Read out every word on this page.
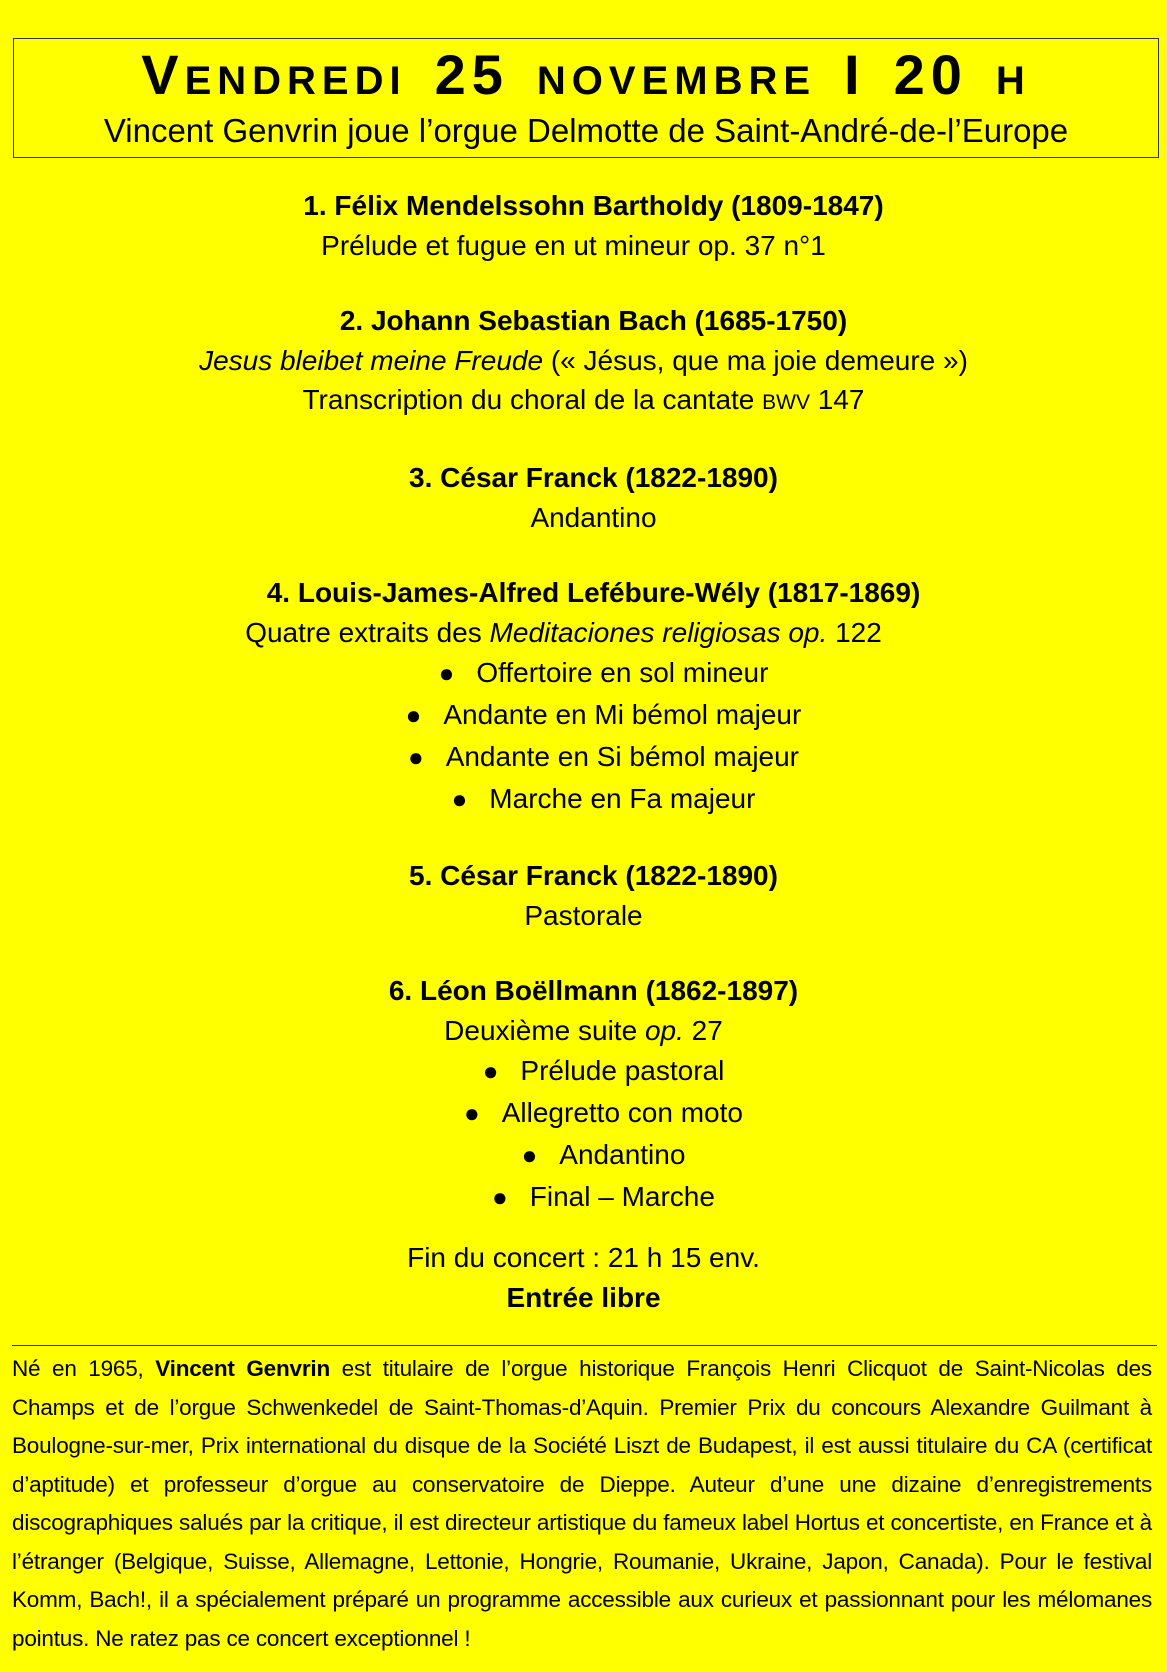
VENDREDI 25 NOVEMBRE I 20 H
Vincent Genvrin joue l’orgue Delmotte de Saint-André-de-l’Europe
1. Félix Mendelssohn Bartholdy (1809-1847)
Prélude et fugue en ut mineur op. 37 n°1
2. Johann Sebastian Bach (1685-1750)
Jesus bleibet meine Freude (« Jésus, que ma joie demeure »)
Transcription du choral de la cantate BWV 147
3. César Franck (1822-1890)
Andantino
4. Louis-James-Alfred Lefébure-Wély (1817-1869)
Quatre extraits des Meditaciones religiosas op. 122
● Offertoire en sol mineur
● Andante en Mi bémol majeur
● Andante en Si bémol majeur
● Marche en Fa majeur
5. César Franck (1822-1890)
Pastorale
6. Léon Boëllmann (1862-1897)
Deuxième suite op. 27
● Prélude pastoral
● Allegretto con moto
● Andantino
● Final – Marche
Fin du concert : 21 h 15 env.
Entrée libre
Né en 1965, Vincent Genvrin est titulaire de l’orgue historique François Henri Clicquot de Saint-Nicolas des Champs et de l’orgue Schwenkedel de Saint-Thomas-d’Aquin. Premier Prix du concours Alexandre Guilmant à Boulogne-sur-mer, Prix international du disque de la Société Liszt de Budapest, il est aussi titulaire du CA (certificat d’aptitude) et professeur d’orgue au conservatoire de Dieppe. Auteur d’une une dizaine d’enregistrements discographiques salués par la critique, il est directeur artistique du fameux label Hortus et concertiste, en France et à l’étranger (Belgique, Suisse, Allemagne, Lettonie, Hongrie, Roumanie, Ukraine, Japon, Canada). Pour le festival Komm, Bach!, il a spécialement préparé un programme accessible aux curieux et passionnant pour les mélomanes pointus. Ne ratez pas ce concert exceptionnel !
